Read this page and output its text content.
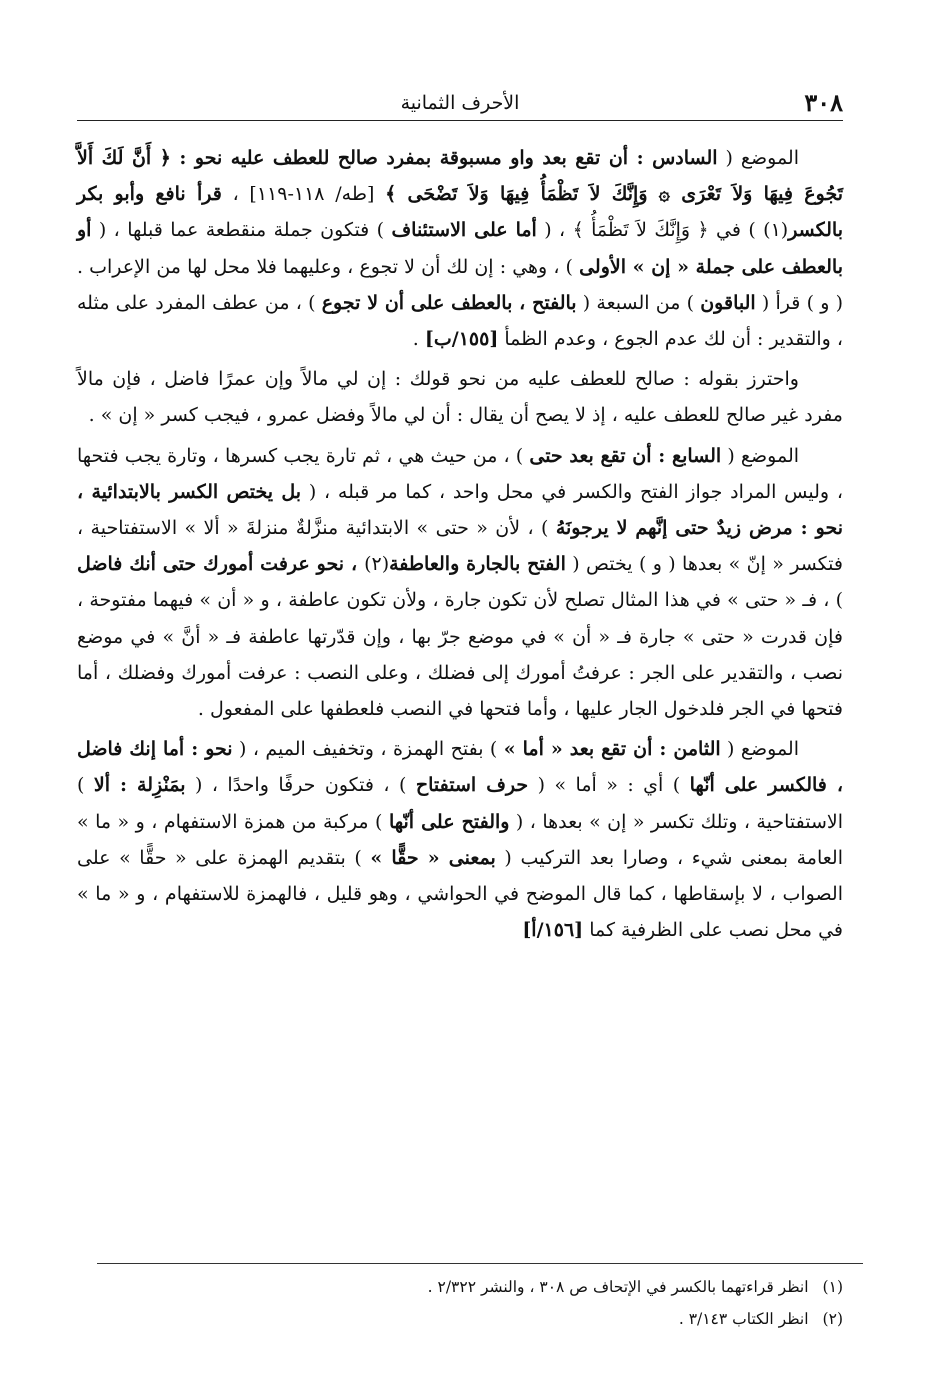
٣٠٨
الأحرف الثمانية

الموضع ( السادس : أن تقع بعد واو مسبوقة بمفرد صالح للعطف عليه نحو : ﴿ أَنَّ لَكَ أَلاَّ تَجُوعَ فِيهَا وَلاَ تَعْرَى ۞ وَإِنَّكَ لاَ تَظْمَأُ فِيهَا وَلاَ تَضْحَى ﴾ [طه/ ١١٨-١١٩] ، قرأ نافع وأبو بكر بالكسر(١) ) في ﴿ وَإِنَّكَ لاَ تَظْمَأُ ﴾ ، ( أما على الاستئناف ) فتكون جملة منقطعة عما قبلها ، ( أو بالعطف على جملة « إن » الأولى ) ، وهي : إن لك أن لا تجوع ، وعليهما فلا محل لها من الإعراب . ( و ) قرأ ( الباقون ) من السبعة ( بالفتح ، بالعطف على أن لا تجوع ) ، من عطف المفرد على مثله ، والتقدير : أن لك عدم الجوع ، وعدم الظمأ [١٥٥/ب] .

واحترز بقوله : صالح للعطف عليه من نحو قولك : إن لي مالاً وإن عمرًا فاضل ، فإن مالاً مفرد غير صالح للعطف عليه ، إذ لا يصح أن يقال : أن لي مالاً وفضل عمرو ، فيجب كسر « إن » .

الموضع ( السابع : أن تقع بعد حتى ) ، من حيث هي ، ثم تارة يجب كسرها ، وتارة يجب فتحها ، وليس المراد جواز الفتح والكسر في محل واحد ، كما مر قبله ، ( بل يختص الكسر بالابتدائية ، نحو : مرض زيدٌ حتى إنَّهم لا يرجونَهُ ) ، لأن « حتى » الابتدائية منزَّلةٌ منزلةَ « ألا » الاستفتاحية ، فتكسر « إنّ » بعدها ( و ) يختص ( الفتح بالجارة والعاطفة(٢) ، نحو عرفت أمورك حتى أنك فاضل ) ، فـ « حتى » في هذا المثال تصلح لأن تكون جارة ، ولأن تكون عاطفة ، و « أن » فيهما مفتوحة ، فإن قدرت « حتى » جارة فـ « أن » في موضع جرّ بها ، وإن قدّرتها عاطفة فـ « أنَّ » في موضع نصب ، والتقدير على الجر : عرفتُ أمورك إلى فضلك ، وعلى النصب : عرفت أمورك وفضلك ، أما فتحها في الجر فلدخول الجار عليها ، وأما فتحها في النصب فلعطفها على المفعول .

الموضع ( الثامن : أن تقع بعد « أما » ) بفتح الهمزة ، وتخفيف الميم ، ( نحو : أما إنك فاضل ، فالكسر على أنّها ) أي : « أما » ( حرف استفتاح ) ، فتكون حرفًا واحدًا ، ( بمَنْزِلة : ألا ) الاستفتاحية ، وتلك تكسر « إن » بعدها ، ( والفتح على أنّها ) مركبة من همزة الاستفهام ، و « ما » العامة بمعنى شيء ، وصارا بعد التركيب ( بمعنى « حقًّا » ) بتقديم الهمزة على « حقًّا » على الصواب ، لا بإسقاطها ، كما قال الموضح في الحواشي ، وهو قليل ، فالهمزة للاستفهام ، و « ما » في محل نصب على الظرفية كما [١٥٦/أ]

(١)انظر قراءتهما بالكسر في الإتحاف ص ٣٠٨ ، والنشر ٢/٣٢٢ .

(٢)انظر الكتاب ٣/١٤٣ .
